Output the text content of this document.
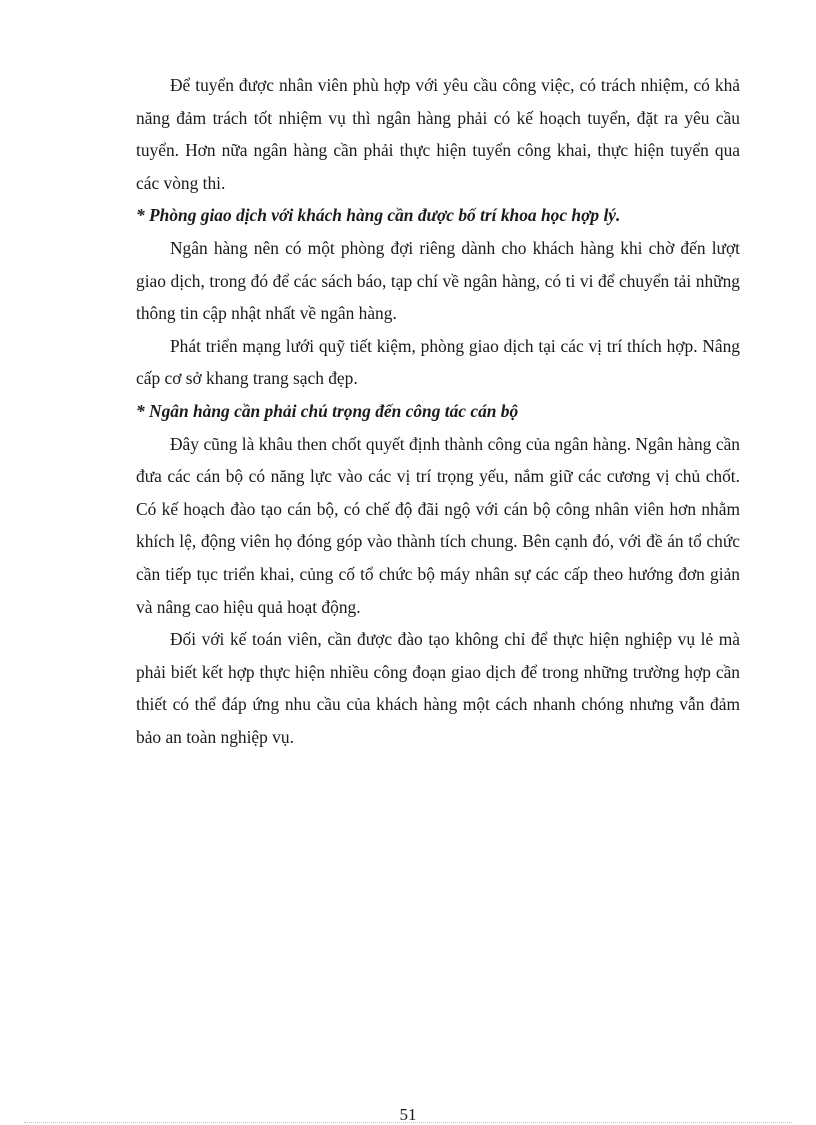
Để tuyển được nhân viên phù hợp với yêu cầu công việc, có trách nhiệm, có khả năng đảm trách tốt nhiệm vụ thì ngân hàng phải có kế hoạch tuyển, đặt ra yêu cầu tuyển. Hơn nữa ngân hàng cần phải thực hiện tuyển công khai, thực hiện tuyển qua các vòng thi.

* Phòng giao dịch với khách hàng cần được bố trí khoa học hợp lý.

Ngân hàng nên có một phòng đợi riêng dành cho khách hàng khi chờ đến lượt giao dịch, trong đó để các sách báo, tạp chí về ngân hàng, có ti vi để chuyển tải những thông tin cập nhật nhất về ngân hàng.

Phát triển mạng lưới quỹ tiết kiệm, phòng giao dịch tại các vị trí thích hợp. Nâng cấp cơ sở khang trang sạch đẹp.

* Ngân hàng cần phải chú trọng đến công tác cán bộ

Đây cũng là khâu then chốt quyết định thành công của ngân hàng. Ngân hàng cần đưa các cán bộ có năng lực vào các vị trí trọng yếu, nắm giữ các cương vị chủ chốt. Có kế hoạch đào tạo cán bộ, có chế độ đãi ngộ với cán bộ công nhân viên hơn nhằm khích lệ, động viên họ đóng góp vào thành tích chung. Bên cạnh đó, với đề án tổ chức cần tiếp tục triển khai, củng cố tổ chức bộ máy nhân sự các cấp theo hướng đơn giản và nâng cao hiệu quả hoạt động.

Đối với kế toán viên, cần được đào tạo không chỉ để thực hiện nghiệp vụ lẻ mà phải biết kết hợp thực hiện nhiều công đoạn giao dịch để trong những trường hợp cần thiết có thể đáp ứng nhu cầu của khách hàng một cách nhanh chóng nhưng vẫn đảm bảo an toàn nghiệp vụ.

51
